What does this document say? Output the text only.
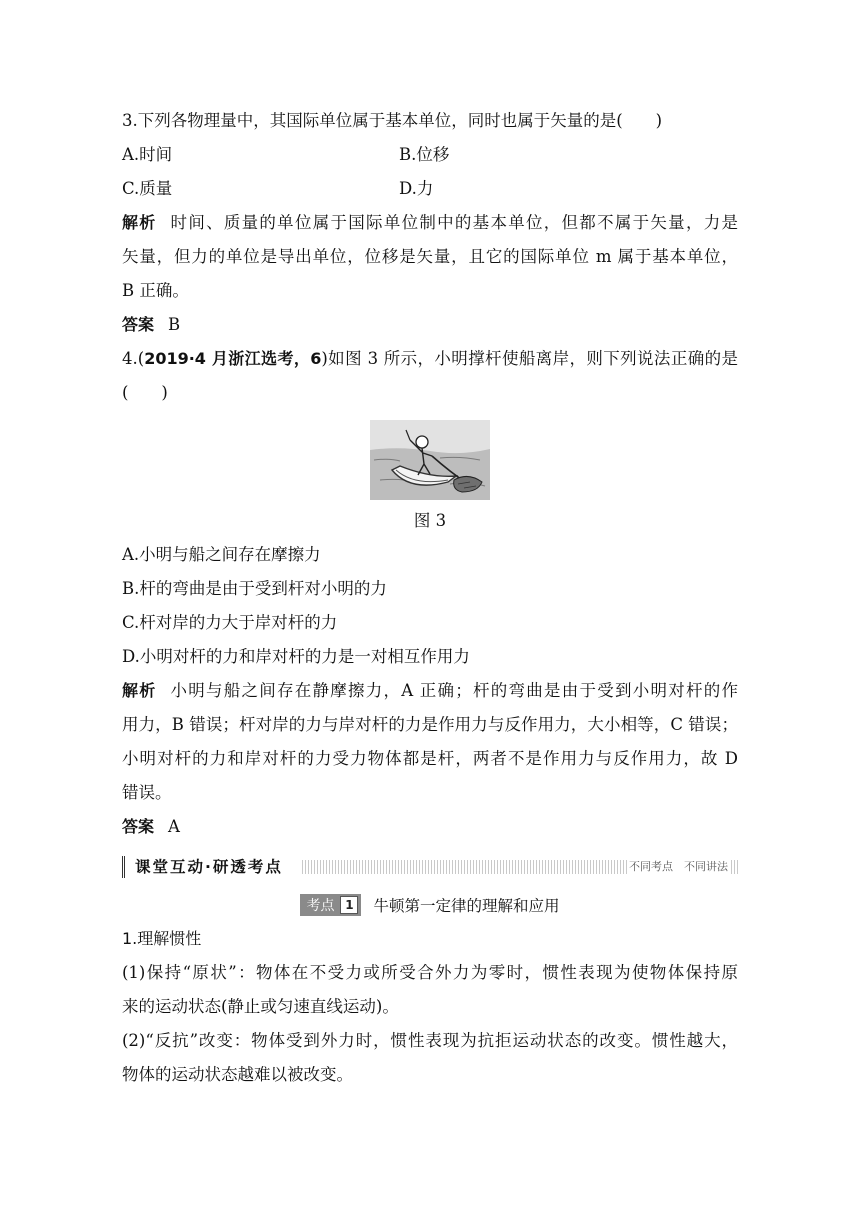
3.下列各物理量中，其国际单位属于基本单位，同时也属于矢量的是(　　)
A.时间	B.位移
C.质量	D.力
解析 时间、质量的单位属于国际单位制中的基本单位，但都不属于矢量，力是
矢量，但力的单位是导出单位，位移是矢量，且它的国际单位 m 属于基本单位，
B 正确。
答案 B
4.(2019·4 月浙江选考，6)如图 3 所示，小明撑杆使船离岸，则下列说法正确的是
(　　)
图 3
A.小明与船之间存在摩擦力
B.杆的弯曲是由于受到杆对小明的力
C.杆对岸的力大于岸对杆的力
D.小明对杆的力和岸对杆的力是一对相互作用力
解析 小明与船之间存在静摩擦力，A 正确；杆的弯曲是由于受到小明对杆的作
用力，B 错误；杆对岸的力与岸对杆的力是作用力与反作用力，大小相等，C 错误；
小明对杆的力和岸对杆的力受力物体都是杆，两者不是作用力与反作用力，故 D
错误。
答案 A
课堂互动·研透考点	不同考点　不同讲法
考点 1	牛顿第一定律的理解和应用
1.理解惯性
(1)保持“原状”：物体在不受力或所受合外力为零时，惯性表现为使物体保持原
来的运动状态(静止或匀速直线运动)。
(2)“反抗”改变：物体受到外力时，惯性表现为抗拒运动状态的改变。惯性越大，
物体的运动状态越难以被改变。
